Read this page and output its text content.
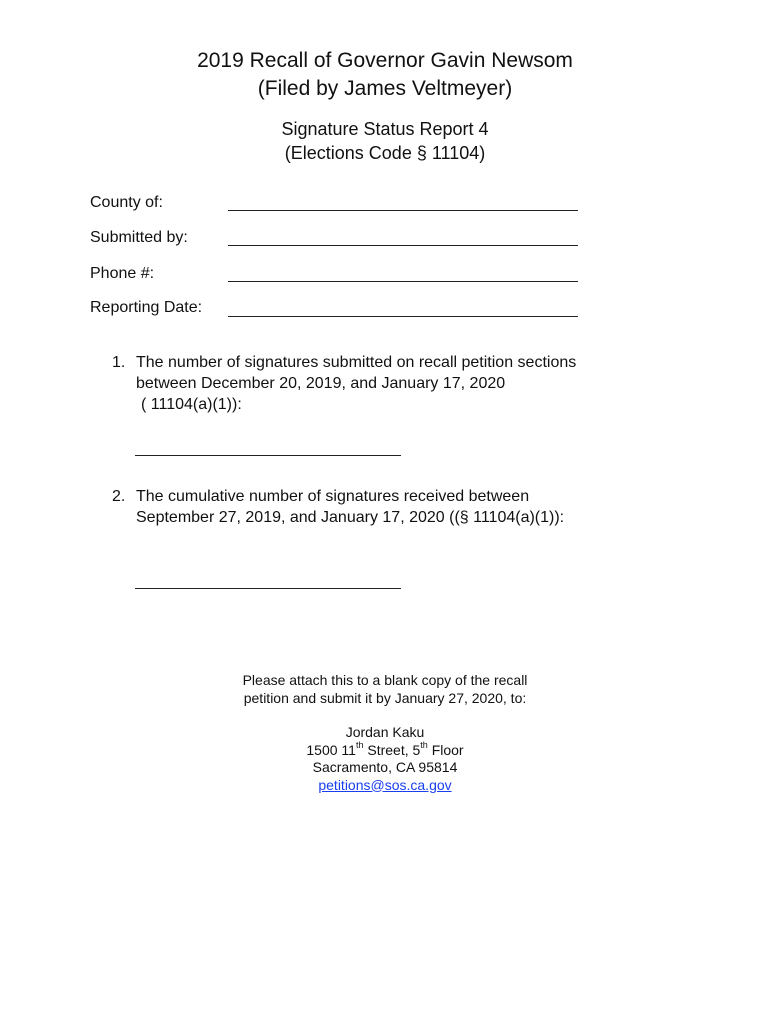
2019 Recall of Governor Gavin Newsom
(Filed by James Veltmeyer)
Signature Status Report 4
(Elections Code § 11104)
County of:
Submitted by:
Phone #:
Reporting Date:
1. The number of signatures submitted on recall petition sections
between December 20, 2019, and January 17, 2020
( 11104(a)(1)):
2. The cumulative number of signatures received between
September 27, 2019, and January 17, 2020 ((§ 11104(a)(1)):
Please attach this to a blank copy of the recall
petition and submit it by January 27, 2020, to:
Jordan Kaku
1500 11th Street, 5th Floor
Sacramento, CA 95814
petitions@sos.ca.gov
